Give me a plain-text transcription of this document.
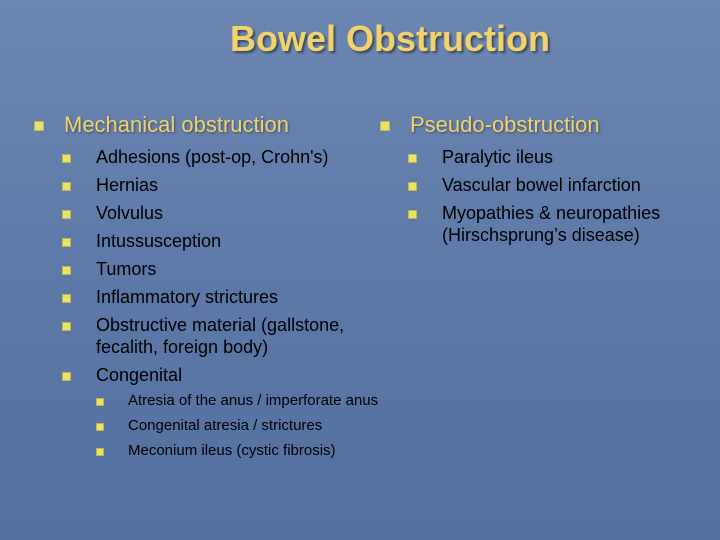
Bowel Obstruction
Mechanical obstruction
Adhesions (post-op, Crohn's)
Hernias
Volvulus
Intussusception
Tumors
Inflammatory strictures
Obstructive material (gallstone, fecalith, foreign body)
Congenital
Atresia of the anus / imperforate anus
Congenital atresia / strictures
Meconium ileus (cystic fibrosis)
Pseudo-obstruction
Paralytic ileus
Vascular bowel infarction
Myopathies & neuropathies (Hirschsprung’s disease)
